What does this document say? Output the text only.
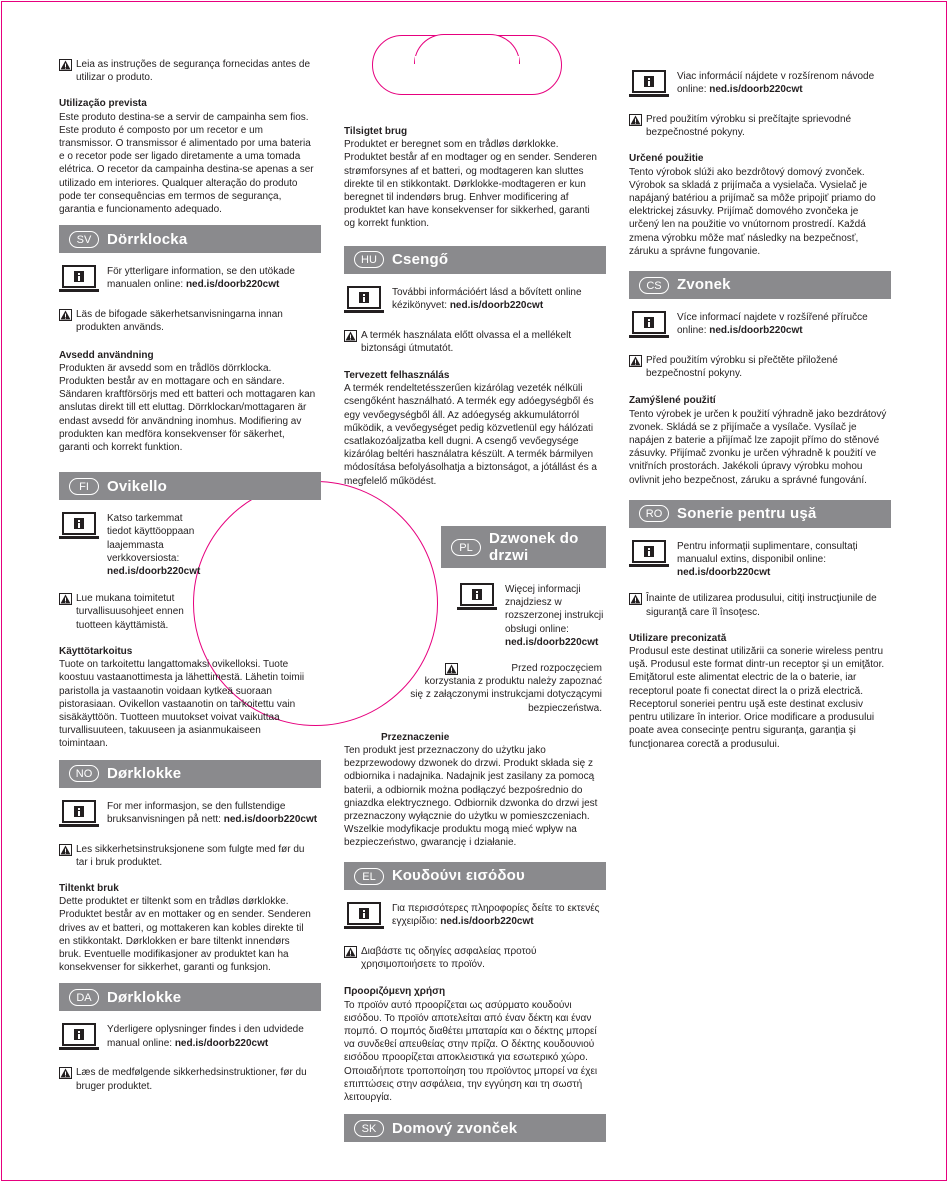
Leia as instruções de segurança fornecidas antes de utilizar o produto.

Utilização prevista

Este produto destina-se a servir de campainha sem fios. Este produto é composto por um recetor e um transmissor. O transmissor é alimentado por uma bateria e o recetor pode ser ligado diretamente a uma tomada elétrica. O recetor da campainha destina-se apenas a ser utilizado em interiores. Qualquer alteração do produto pode ter consequências em termos de segurança, garantia e funcionamento adequado.

SV	Dörrklocka

För ytterligare information, se den utökade manualen online: ned.is/doorb220cwt

Läs de bifogade säkerhetsanvisningarna innan produkten används.

Avsedd användning

Produkten är avsedd som en trådlös dörrklocka. Produkten består av en mottagare och en sändare. Sändaren kraftförsörjs med ett batteri och mottagaren kan anslutas direkt till ett eluttag. Dörrklockan/mottagaren är endast avsedd för användning inomhus. Modifiering av produkten kan medföra konsekvenser för säkerhet, garanti och korrekt funktion.

FI	Ovikello

Katso tarkemmat tiedot käyttöoppaan laajemmasta verkkoversiosta: ned.is/doorb220cwt

Lue mukana toimitetut turvallisuusohjeet ennen tuotteen käyttämistä.

Käyttötarkoitus

Tuote on tarkoitettu langattomaksi ovikelloksi. Tuote koostuu vastaanottimesta ja lähettimestä. Lähetin toimii paristolla ja vastaanotin voidaan kytkeä suoraan pistorasiaan. Ovikellon vastaanotin on tarkoitettu vain sisäkäyttöön. Tuotteen muutokset voivat vaikuttaa turvallisuuteen, takuuseen ja asianmukaiseen toimintaan.

NO Dørklokke

For mer informasjon, se den fullstendige bruksanvisningen på nett: ned.is/doorb220cwt

Les sikkerhetsinstruksjonene som fulgte med før du tar i bruk produktet.

Tiltenkt bruk

Dette produktet er tiltenkt som en trådløs dørklokke. Produktet består av en mottaker og en sender. Senderen drives av et batteri, og mottakeren kan kobles direkte til en stikkontakt. Dørklokken er bare tiltenkt innendørs bruk. Eventuelle modifikasjoner av produktet kan ha konsekvenser for sikkerhet, garanti og funksjon.

DA	Dørklokke

Yderligere oplysninger findes i den udvidede manual online: ned.is/doorb220cwt

Læs de medfølgende sikkerhedsinstruktioner, før du bruger produktet.

Tilsigtet brug

Produktet er beregnet som en trådløs dørklokke. Produktet består af en modtager og en sender. Senderen strømforsynes af et batteri, og modtageren kan sluttes direkte til en stikkontakt. Dørklokke-modtageren er kun beregnet til indendørs brug. Enhver modificering af produktet kan have konsekvenser for sikkerhed, garanti og korrekt funktion.

HU	Csengő

További információért lásd a bővített online kézikönyvet: ned.is/doorb220cwt

A termék használata előtt olvassa el a mellékelt biztonsági útmutatót.

Tervezett felhasználás

A termék rendeltetésszerűen kizárólag vezeték nélküli csengőként használható. A termék egy adóegységből és egy vevőegységből áll. Az adóegység akkumulátorról működik, a vevőegységet pedig közvetlenül egy hálózati csatlakozóaljzatba kell dugni. A csengő vevőegysége kizárólag beltéri használatra készült. A termék bármilyen módosítása befolyásolhatja a biztonságot, a jótállást és a megfelelő működést.

PL
Dzwonek do
drzwi

Więcej informacji znajdziesz w rozszerzonej instrukcji obsługi online: ned.is/doorb220cwt

Przed rozpoczęciem korzystania z produktu należy zapoznać się z załączonymi instrukcjami dotyczącymi bezpieczeństwa.

Przeznaczenie

Ten produkt jest przeznaczony do użytku jako bezprzewodowy dzwonek do drzwi. Produkt składa się z odbiornika i nadajnika. Nadajnik jest zasilany za pomocą baterii, a odbiornik można podłączyć bezpośrednio do gniazdka elektrycznego. Odbiornik dzwonka do drzwi jest przeznaczony wyłącznie do użytku w pomieszczeniach. Wszelkie modyfikacje produktu mogą mieć wpływ na bezpieczeństwo, gwarancję i działanie.

EL	Κουδούνι εισόδου

Για περισσότερες πληροφορίες δείτε το εκτενές εγχειρίδιο: ned.is/doorb220cwt

Διαβάστε τις οδηγίες ασφαλείας προτού χρησιμοποιήσετε το προϊόν.

Προοριζόμενη χρήση

Το προϊόν αυτό προορίζεται ως ασύρματο κουδούνι εισόδου. Το προϊόν αποτελείται από έναν δέκτη και έναν πομπό. Ο πομπός διαθέτει μπαταρία και ο δέκτης μπορεί να συνδεθεί απευθείας στην πρίζα. Ο δέκτης κουδουνιού εισόδου προορίζεται αποκλειστικά για εσωτερικό χώρο. Οποιαδήποτε τροποποίηση του προϊόντος μπορεί να έχει επιπτώσεις στην ασφάλεια, την εγγύηση και τη σωστή λειτουργία.

SK	Domový zvonček

Viac informácií nájdete v rozšírenom návode online: ned.is/doorb220cwt

Pred použitím výrobku si prečítajte sprievodné bezpečnostné pokyny.

Určené použitie

Tento výrobok slúži ako bezdrôtový domový zvonček. Výrobok sa skladá z prijímača a vysielača. Vysielač je napájaný batériou a prijímač sa môže pripojiť priamo do elektrickej zásuvky. Prijímač domového zvončeka je určený len na použitie vo vnútornom prostredí. Každá zmena výrobku môže mať následky na bezpečnosť, záruku a správne fungovanie.

CS	Zvonek

Více informací najdete v rozšířené příručce online: ned.is/doorb220cwt

Před použitím výrobku si přečtěte přiložené bezpečnostní pokyny.

Zamýšlené použití

Tento výrobek je určen k použití výhradně jako bezdrátový zvonek. Skládá se z přijímače a vysílače. Vysílač je napájen z baterie a přijímač lze zapojit přímo do stěnové zásuvky. Přijímač zvonku je určen výhradně k použití ve vnitřních prostorách. Jakékoli úpravy výrobku mohou ovlivnit jeho bezpečnost, záruku a správné fungování.

RO Sonerie pentru uşă

Pentru informații suplimentare, consultați manualul extins, disponibil online: ned.is/doorb220cwt

Înainte de utilizarea produsului, citiţi instrucţiunile de siguranţă care îl însoţesc.

Utilizare preconizată

Produsul este destinat utilizării ca sonerie wireless pentru uşă. Produsul este format dintr-un receptor şi un emiţător. Emiţătorul este alimentat electric de la o baterie, iar receptorul poate fi conectat direct la o priză electrică. Receptorul soneriei pentru uşă este destinat exclusiv pentru utilizare în interior. Orice modificare a produsului poate avea consecinţe pentru siguranţa, garanţia şi funcţionarea corectă a produsului.
